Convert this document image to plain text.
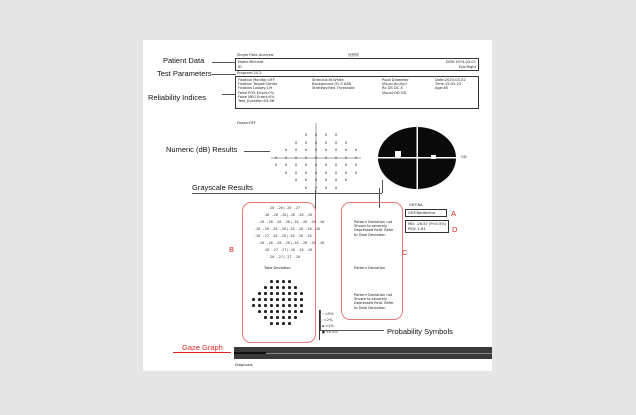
Single Field Analysis	视野图
Name:Richard	DOB:1974-03-01
ID	Eye:Right
Program:24-2
Fixation Monitor:OFF
Fixation Target:Center
Fixation Losses:1/9
False POS Errors:0%
False NEG Errors:0%
Test_Duration:03:46
Stimulus:III,White
Background:31.5 ASB
Strategy:Fast Threshold
Pupil Diameter
Visual Acuity:\
Rx DS DC X
Visual:OD OD
Date:2020-03-02
Time:15:52:23
Age:46
Fovea:OFF
OD
Total Deviation
Pattern Deviation not
Shown to severely
Depressed field. Refer
to Total Deviation
Pattern Deviation
Pattern Deviation not
Shown to severely
Depressed field. Refer
to Total Deviation
GHT:NA
GHT:Borderline
MD: -26.57 (P<0.5%)
PSD: 1.81
∷ <5%
⁞ <2%
▪ <1%
■ <0.5%
Diagnosis
0 0 0 0
0 0 0 0 0 0
0 0 0 0 0 0 0 0
0 0 0 0 0 0 0 0 0
0 0 0 0 0 0 0 0 0
0 0 0 0 0 0 0 0
0 0 0 0 0 0
0 0 0 0
-26 -26|-26 -27
-26 -26 -26|-26 -26 -26
-26 -26 -26 -26|-26 -26 -26 -26
-26 -26 -26 -26|-26 -26 -26 -26
-26 -27 -26 -26|-26 -26 -26
-26 -26 -26 -26|-26 -26 -26 -26
-26 -27 -27|-26 -26 -26
-26 -27|-27 -26
Patient Data
Test Parameters
Reliability Indices
Numeric (dB) Results
Grayscale Results
Probability Symbols
Gaze Graph
B	C
A
D
